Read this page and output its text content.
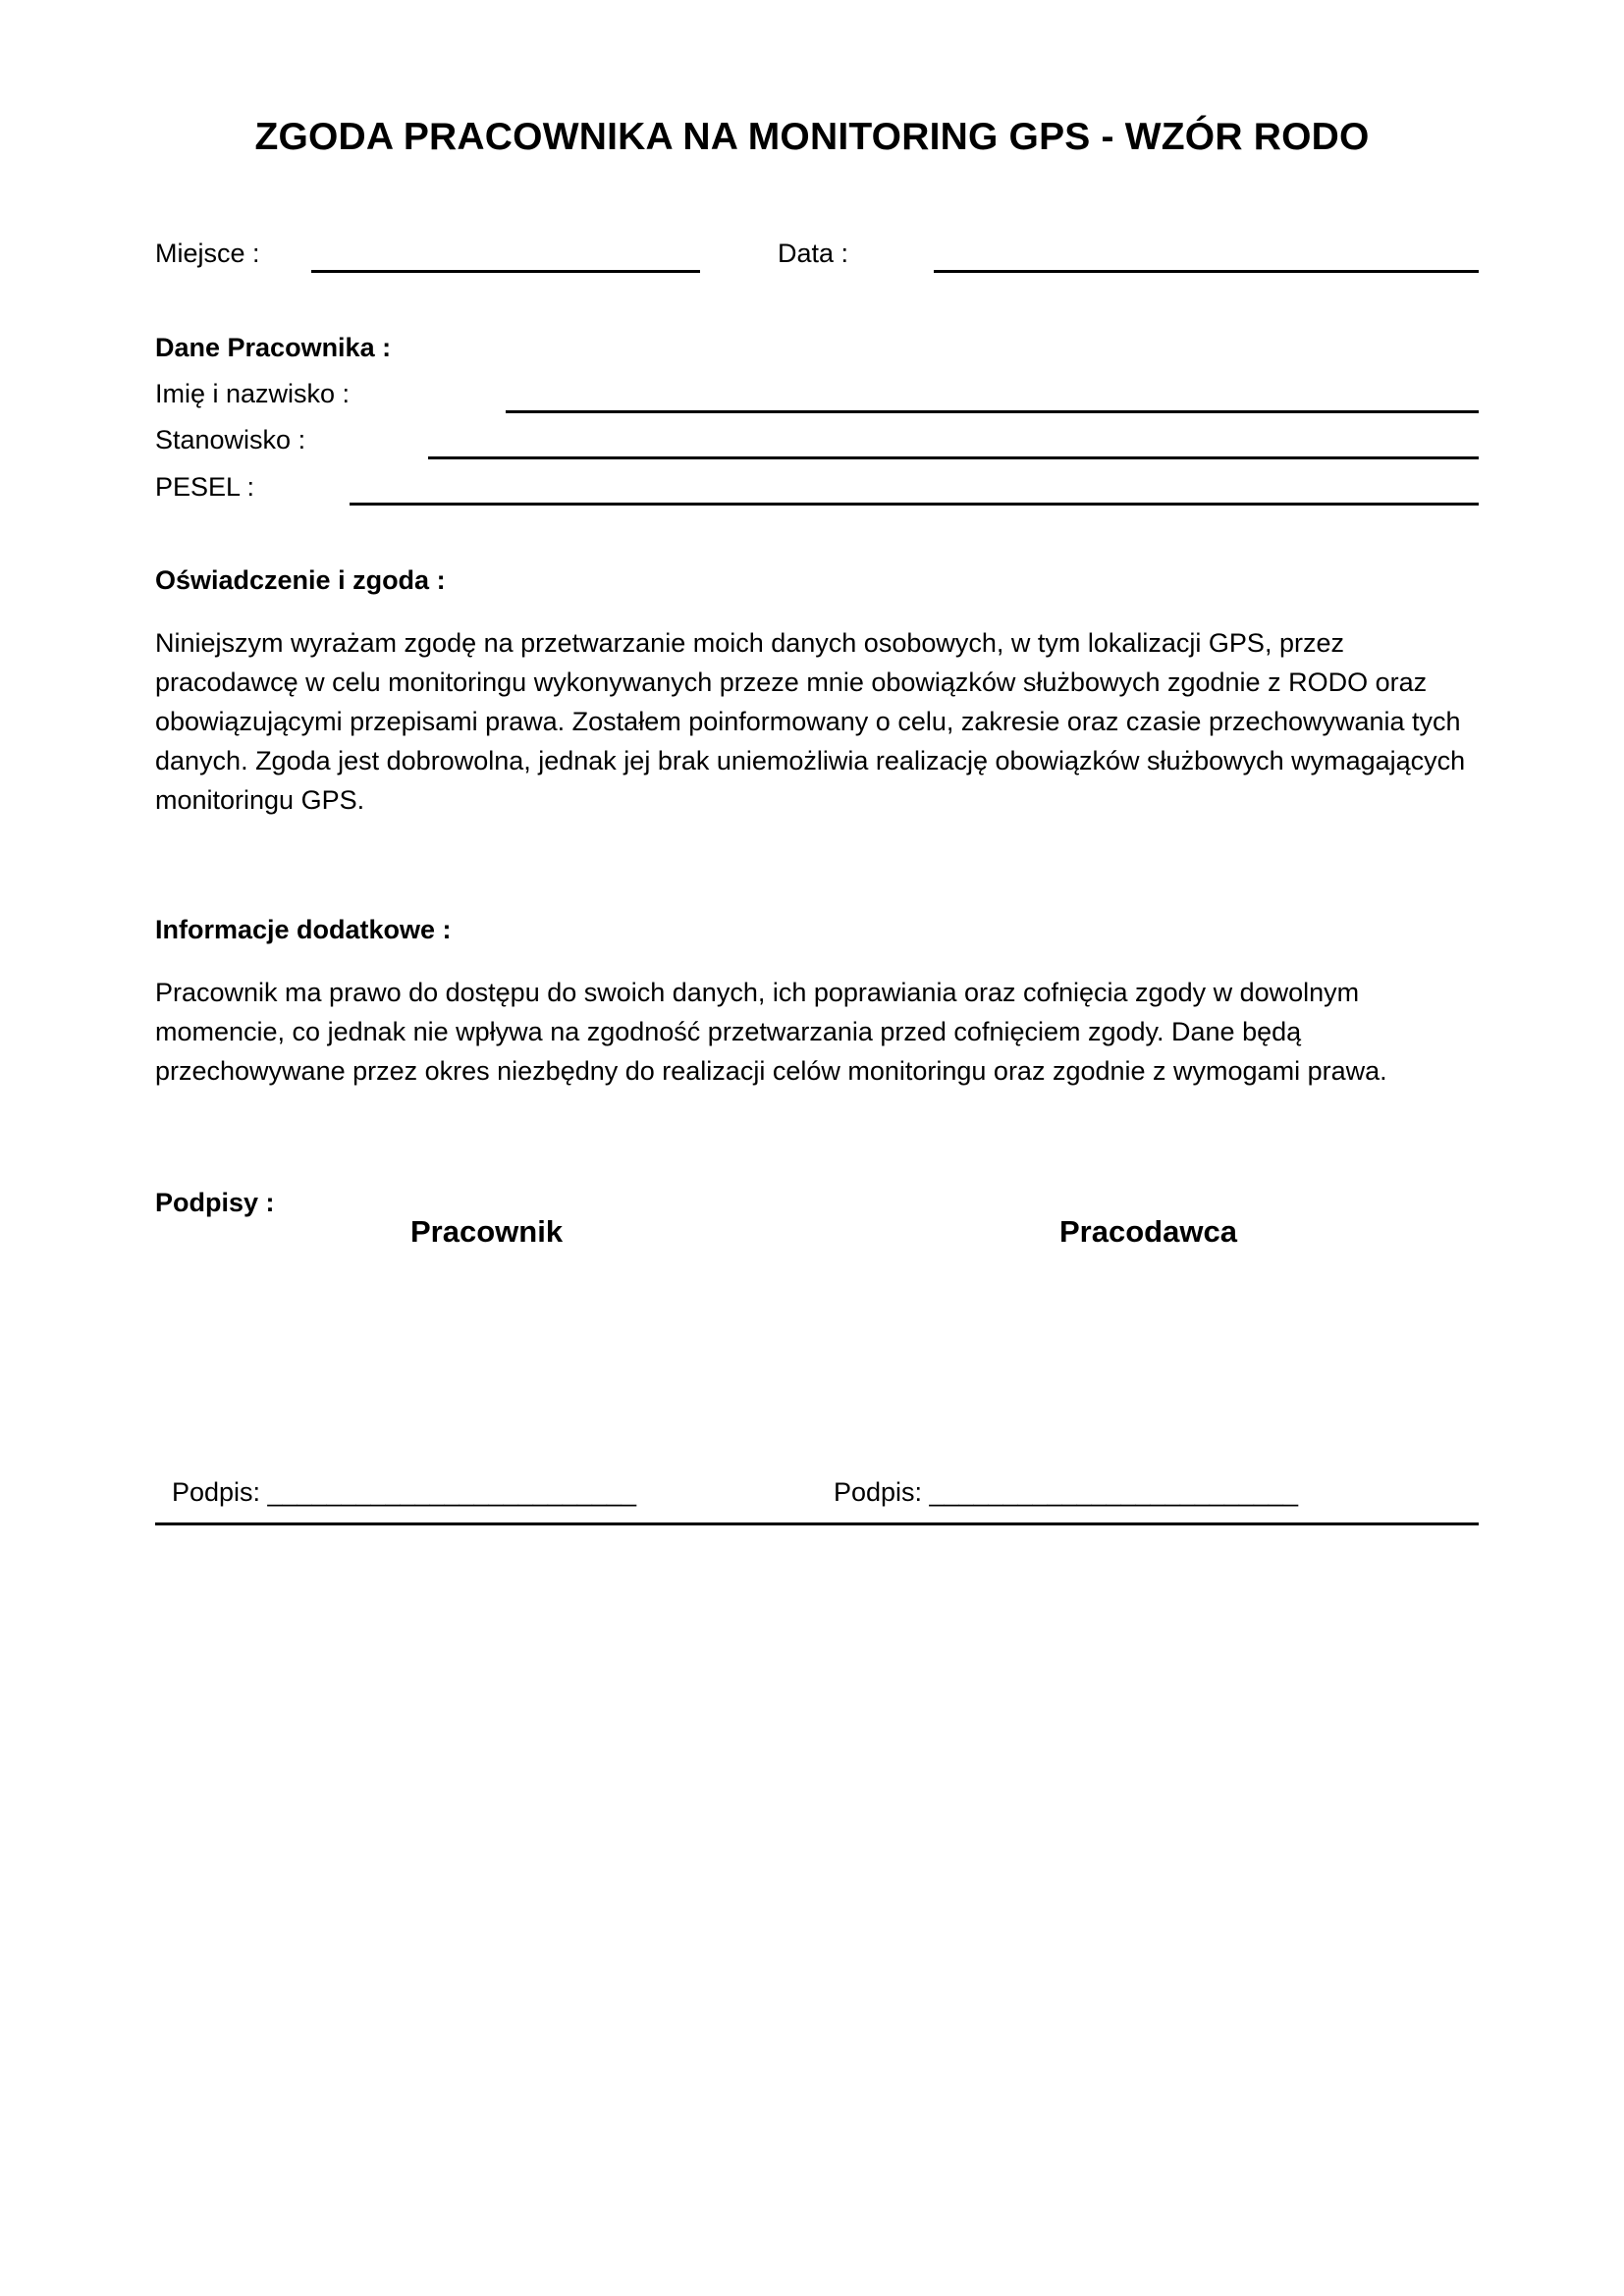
ZGODA PRACOWNIKA NA MONITORING GPS - WZÓR RODO
Miejsce :	Data :
Dane Pracownika :
Imię i nazwisko :
Stanowisko :
PESEL :
Oświadczenie i zgoda :
Niniejszym wyrażam zgodę na przetwarzanie moich danych osobowych, w tym lokalizacji GPS, przez pracodawcę w celu monitoringu wykonywanych przeze mnie obowiązków służbowych zgodnie z RODO oraz obowiązującymi przepisami prawa. Zostałem poinformowany o celu, zakresie oraz czasie przechowywania tych danych. Zgoda jest dobrowolna, jednak jej brak uniemożliwia realizację obowiązków służbowych wymagających monitoringu GPS.
Informacje dodatkowe :
Pracownik ma prawo do dostępu do swoich danych, ich poprawiania oraz cofnięcia zgody w dowolnym momencie, co jednak nie wpływa na zgodność przetwarzania przed cofnięciem zgody. Dane będą przechowywane przez okres niezbędny do realizacji celów monitoringu oraz zgodnie z wymogami prawa.
Podpisy :
Pracownik	Pracodawca
Podpis: _________________________	Podpis: _________________________
